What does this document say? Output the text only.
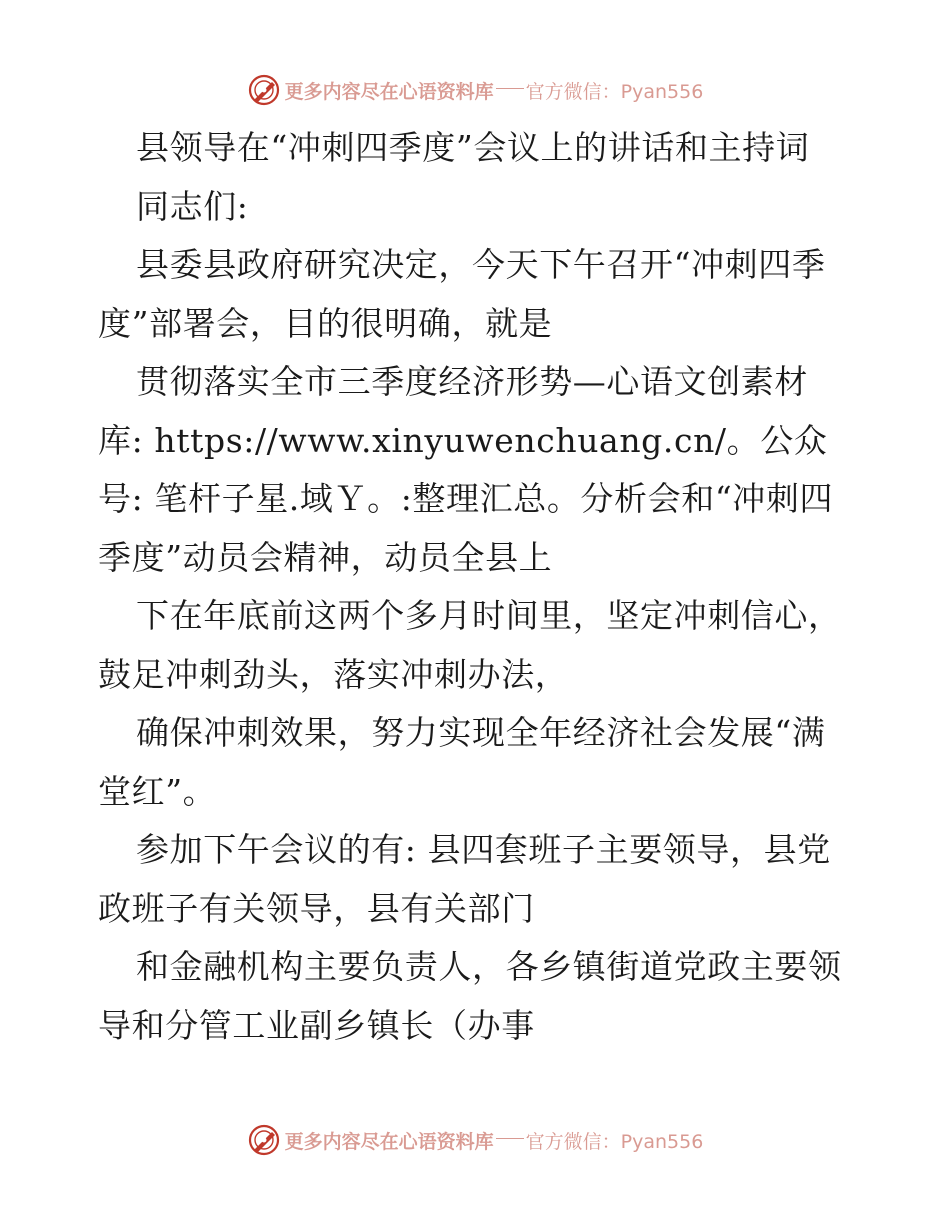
更多内容尽在心语资料库 官方微信：Pyan556

县领导在“冲刺四季度”会议上的讲话和主持词

同志们:

县委县政府研究决定，今天下午召开“冲刺四季度”部署会，目的很明确，就是

贯彻落实全市三季度经济形势—心语文创素材库: https://www.xinyuwenchuang.cn/。公众号: 笔杆子星.域Ｙ。:整理汇总。分析会和“冲刺四季度”动员会精神，动员全县上

下在年底前这两个多月时间里，坚定冲刺信心，鼓足冲刺劲头，落实冲刺办法，

确保冲刺效果，努力实现全年经济社会发展“满堂红”。

参加下午会议的有: 县四套班子主要领导，县党政班子有关领导，县有关部门

和金融机构主要负责人，各乡镇街道党政主要领导和分管工业副乡镇长（办事

更多内容尽在心语资料库 官方微信：Pyan556
